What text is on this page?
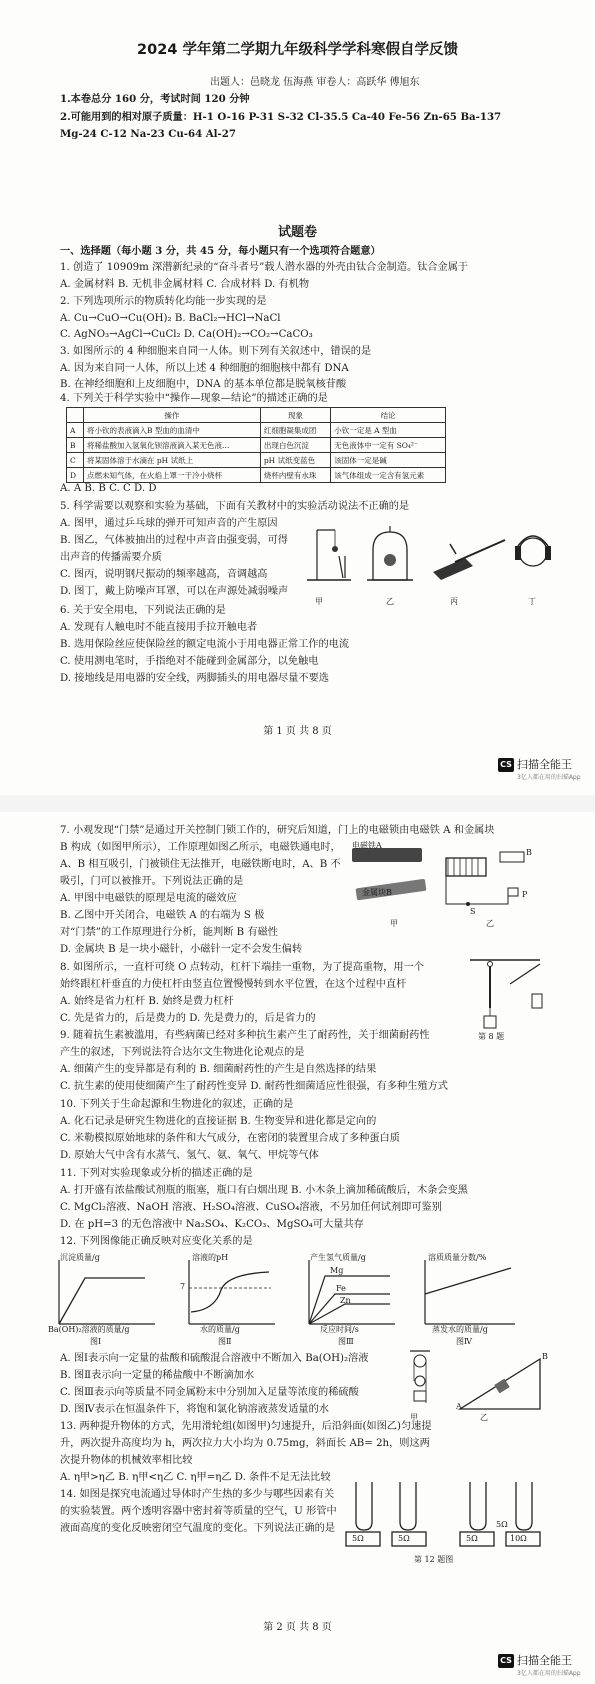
2024 学年第二学期九年级科学学科寒假自学反馈
出题人：邑晓龙 伍海燕 审卷人：高跃华 傅旭东
1.本卷总分 160 分，考试时间 120 分钟
2.可能用到的相对原子质量：H-1 O-16 P-31 S-32 Cl-35.5 Ca-40 Fe-56 Zn-65 Ba-137
Mg-24 C-12 Na-23 Cu-64 Al-27
试题卷
一、选择题（每小题 3 分，共 45 分，每小题只有一个选项符合题意）
1. 创造了 10909m 深潜新纪录的“奋斗者号”载人潜水器的外壳由钛合金制造。钛合金属于
A. 金属材料 B. 无机非金属材料 C. 合成材料 D. 有机物
2. 下列选项所示的物质转化均能一步实现的是
A. Cu→CuO→Cu(OH)₂ B. BaCl₂→HCl→NaCl
C. AgNO₃→AgCl→CuCl₂ D. Ca(OH)₂→CO₂→CaCO₃
3. 如图所示的 4 种细胞来自同一人体。则下列有关叙述中，错误的是
A. 因为来自同一人体，所以上述 4 种细胞的细胞核中都有 DNA
B. 在神经细胞和上皮细胞中，DNA 的基本单位都是脱氧核苷酸
4. 下列关于科学实验中“操作—现象—结论”的描述正确的是
	操作	现象	结论
A	将小钦的表液滴入B 型血的血清中	红细胞凝集成团	小钦一定是 A 型血
B	将稀盐酸加入氢氧化钡溶液滴入某无色液…	出现白色沉淀	无色液体中一定有 SO₄²⁻
C	将某固体溶于水滴在 pH 试纸上	pH 试纸变蓝色	该固体一定是碱
D	点燃未知气体，在火焰上罩一干冷小烧杯	烧杯内壁有水珠	该气体组成一定含有氢元素
A. A B. B C. C D. D
5. 科学需要以观察和实验为基础，下面有关教材中的实验活动说法不正确的是
A. 图甲，通过乒乓球的弹开可知声音的产生原因
B. 图乙，气体被抽出的过程中声音由强变弱，可得
出声音的传播需要介质
C. 图丙，说明钢尺振动的频率越高，音调越高
D. 图丁，戴上防噪声耳罩，可以在声源处减弱噪声
甲	乙	丙	丁
6. 关于安全用电，下列说法正确的是
A. 发现有人触电时不能直接用手拉开触电者
B. 选用保险丝应使保险丝的额定电流小于用电器正常工作的电流
C. 使用测电笔时，手指绝对不能碰到金属部分，以免触电
D. 接地线是用电器的安全线，两脚插头的用电器尽量不要选
第 1 页 共 8 页
CS 扫描全能王
3亿人都在用的扫描App
7. 小观发现“门禁”是通过开关控制门锁工作的，研究后知道，门上的电磁锁由电磁铁 A 和金属块
B 构成（如图甲所示），工作原理如图乙所示，电磁铁通电时，
A、B 相互吸引，门被锁住无法推开，电磁铁断电时，A、B 不
吸引，门可以被推开。下列说法正确的是
A. 甲图中电磁铁的原理是电流的磁效应
B. 乙图中开关闭合，电磁铁 A 的右端为 S 极
对“门禁”的工作原理进行分析，能判断 B 有磁性
D. 金属块 B 是一块小磁针，小磁针一定不会发生偏转
电磁铁A
金属块B
甲	乙
S
P
B
8. 如图所示，一直杆可绕 O 点转动，杠杆下端挂一重物，为了提高重物，用一个
始终跟杠杆垂直的力使杠杆由竖直位置慢慢转到水平位置，在这个过程中直杆
A. 始终是省力杠杆 B. 始终是费力杠杆
C. 先是省力的，后是费力的 D. 先是费力的，后是省力的
第 8 题
9. 随着抗生素被滥用，有些病菌已经对多种抗生素产生了耐药性，关于细菌耐药性
产生的叙述，下列说法符合达尔文生物进化论观点的是
A. 细菌产生的变异都是有利的 B. 细菌耐药性的产生是自然选择的结果
C. 抗生素的使用使细菌产生了耐药性变异 D. 耐药性细菌适应性很强，有多种生殖方式
10. 下列关于生命起源和生物进化的叙述，正确的是
A. 化石记录是研究生物进化的直接证据 B. 生物变异和进化都是定向的
C. 米勒模拟原始地球的条件和大气成分，在密闭的装置里合成了多种蛋白质
D. 原始大气中含有水蒸气、氢气、氨、氧气、甲烷等气体
11. 下列对实验现象或分析的描述正确的是
A. 打开盛有浓盐酸试剂瓶的瓶塞，瓶口有白烟出现 B. 小木条上滴加稀硫酸后，木条会变黑
C. MgCl₂溶液、NaOH 溶液、H₂SO₄溶液、CuSO₄溶液，不另加任何试剂即可鉴别
D. 在 pH=3 的无色溶液中 Na₂SO₄、K₂CO₃、MgSO₄可大量共存
12. 下列图像能正确反映对应变化关系的是
沉淀质量/g
Ba(OH)₂溶液的质量/g
图Ⅰ
溶液的pH
7
水的质量/g
图Ⅱ
产生氢气质量/g
Mg
Fe
Zn
反应时间/s
图Ⅲ
溶质质量分数/%
蒸发水的质量/g
图Ⅳ
A. 图Ⅰ表示向一定量的盐酸和硫酸混合溶液中不断加入 Ba(OH)₂溶液
B. 图Ⅱ表示向一定量的稀盐酸中不断滴加水
C. 图Ⅲ表示向等质量不同金属粉末中分别加入足量等浓度的稀硫酸
D. 图Ⅳ表示在恒温条件下，将饱和氯化钠溶液蒸发适量的水
13. 两种提升物体的方式，先用滑轮组(如图甲)匀速提升，后沿斜面(如图乙)匀速提
升，两次提升高度均为 h，两次拉力大小均为 0.75mg，斜面长 AB= 2h，则这两
次提升物体的机械效率相比较
A. η甲>η乙 B. η甲<η乙 C. η甲=η乙 D. 条件不足无法比较
甲	乙
A
B
14. 如图是探究电流通过导体时产生热的多少与哪些因素有关
的实验装置。两个透明容器中密封着等质量的空气，U 形管中
液面高度的变化反映密闭空气温度的变化。下列说法正确的是
5Ω	5Ω	5Ω
5Ω
10Ω
第 12 题图
第 2 页 共 8 页
CS 扫描全能王
3亿人都在用的扫描App
